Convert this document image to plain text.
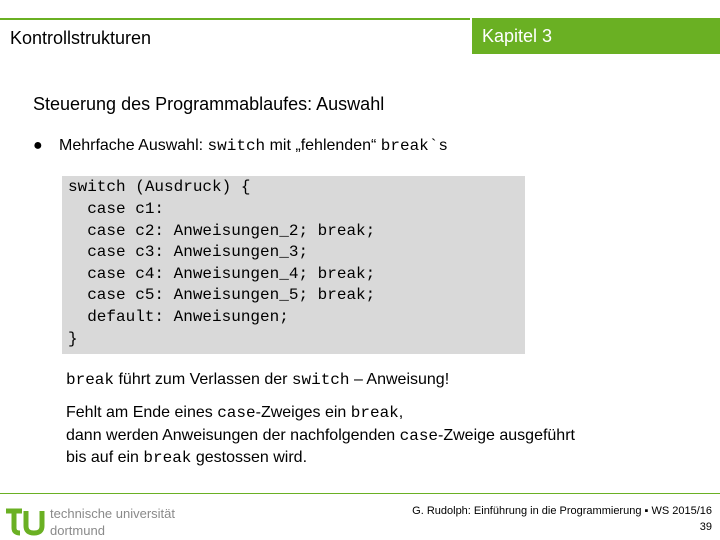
Kontrollstrukturen	Kapitel 3
Steuerung des Programmablaufes: Auswahl
● Mehrfache Auswahl: switch mit „fehlenden“ break`s
switch (Ausdruck) {
case c1:
case c2: Anweisungen_2; break;
case c3: Anweisungen_3;
case c4: Anweisungen_4; break;
case c5: Anweisungen_5; break;
default: Anweisungen;
}
break führt zum Verlassen der switch – Anweisung!
Fehlt am Ende eines case-Zweiges ein break,
dann werden Anweisungen der nachfolgenden case-Zweige ausgeführt
bis auf ein break gestossen wird.
technische universität
dortmund
G. Rudolph: Einführung in die Programmierung ▪ WS 2015/16
39
